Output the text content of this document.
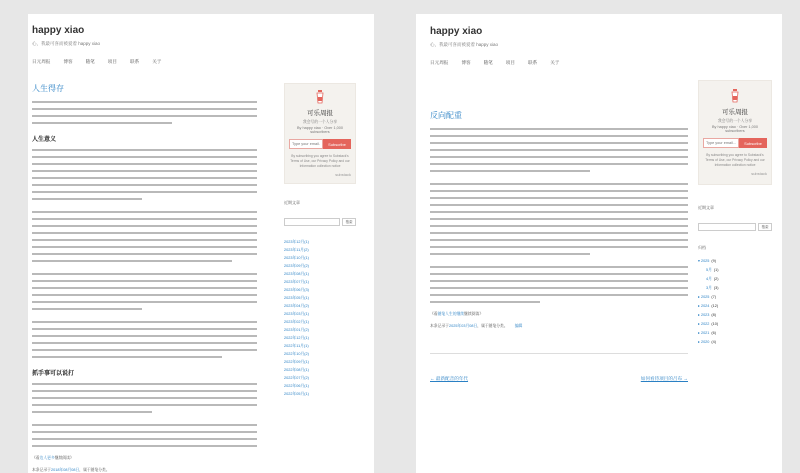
happy xiao
心，我最可喜而被爱着 happy xiao
日元周报	博客	随笔	项目	联系	关于
人生得存
人生意义
抓手事可以说打
《看边人更多继续阅读》
本条记录于2018年08月08日，属于随笔分类。
可乐周报
我会写的一个人分享
By happy xiao · Over 1,000 subscribers
Type your email...
Subscribe
By subscribing you agree to Substack's Terms of Use, our Privacy Policy and our Information collection notice
substack
近期文章
搜索
2023年12月(1)
2023年11月(2)
2023年10月(1)
2023年09月(2)
2023年08月(1)
2023年07月(1)
2023年06月(3)
2023年05月(1)
2023年04月(2)
2023年03月(1)
2023年02月(1)
2023年01月(2)
2022年12月(1)
2022年11月(1)
2022年10月(2)
2022年09月(1)
2022年08月(1)
2022年07月(2)
2022年06月(1)
2022年05月(1)
happy xiao
心，我最可喜而被爱着 happy xiao
日元周报	博客	随笔	项目	联系	关于
反向配重
《看随笔人生的继续继续阅读》
本条记录于2025年03月08日，属于随笔分类。 编辑
← 最新配音的年代	如何看待项目的吕布 →
可乐周报
我会写的一个人分享
By happy xiao · Over 1,000 subscribers
Type your email...
Subscribe
By subscribing you agree to Substack's Terms of Use, our Privacy Policy and our Information collection notice
substack
近期文章
搜索
归档
▾ 2025 (9)
5月 (1)
4月 (2)
3月 (3)
▸ 2025 (7)
▸ 2024 (12)
▸ 2023 (8)
▸ 2022 (10)
▸ 2021 (6)
▸ 2020 (4)
